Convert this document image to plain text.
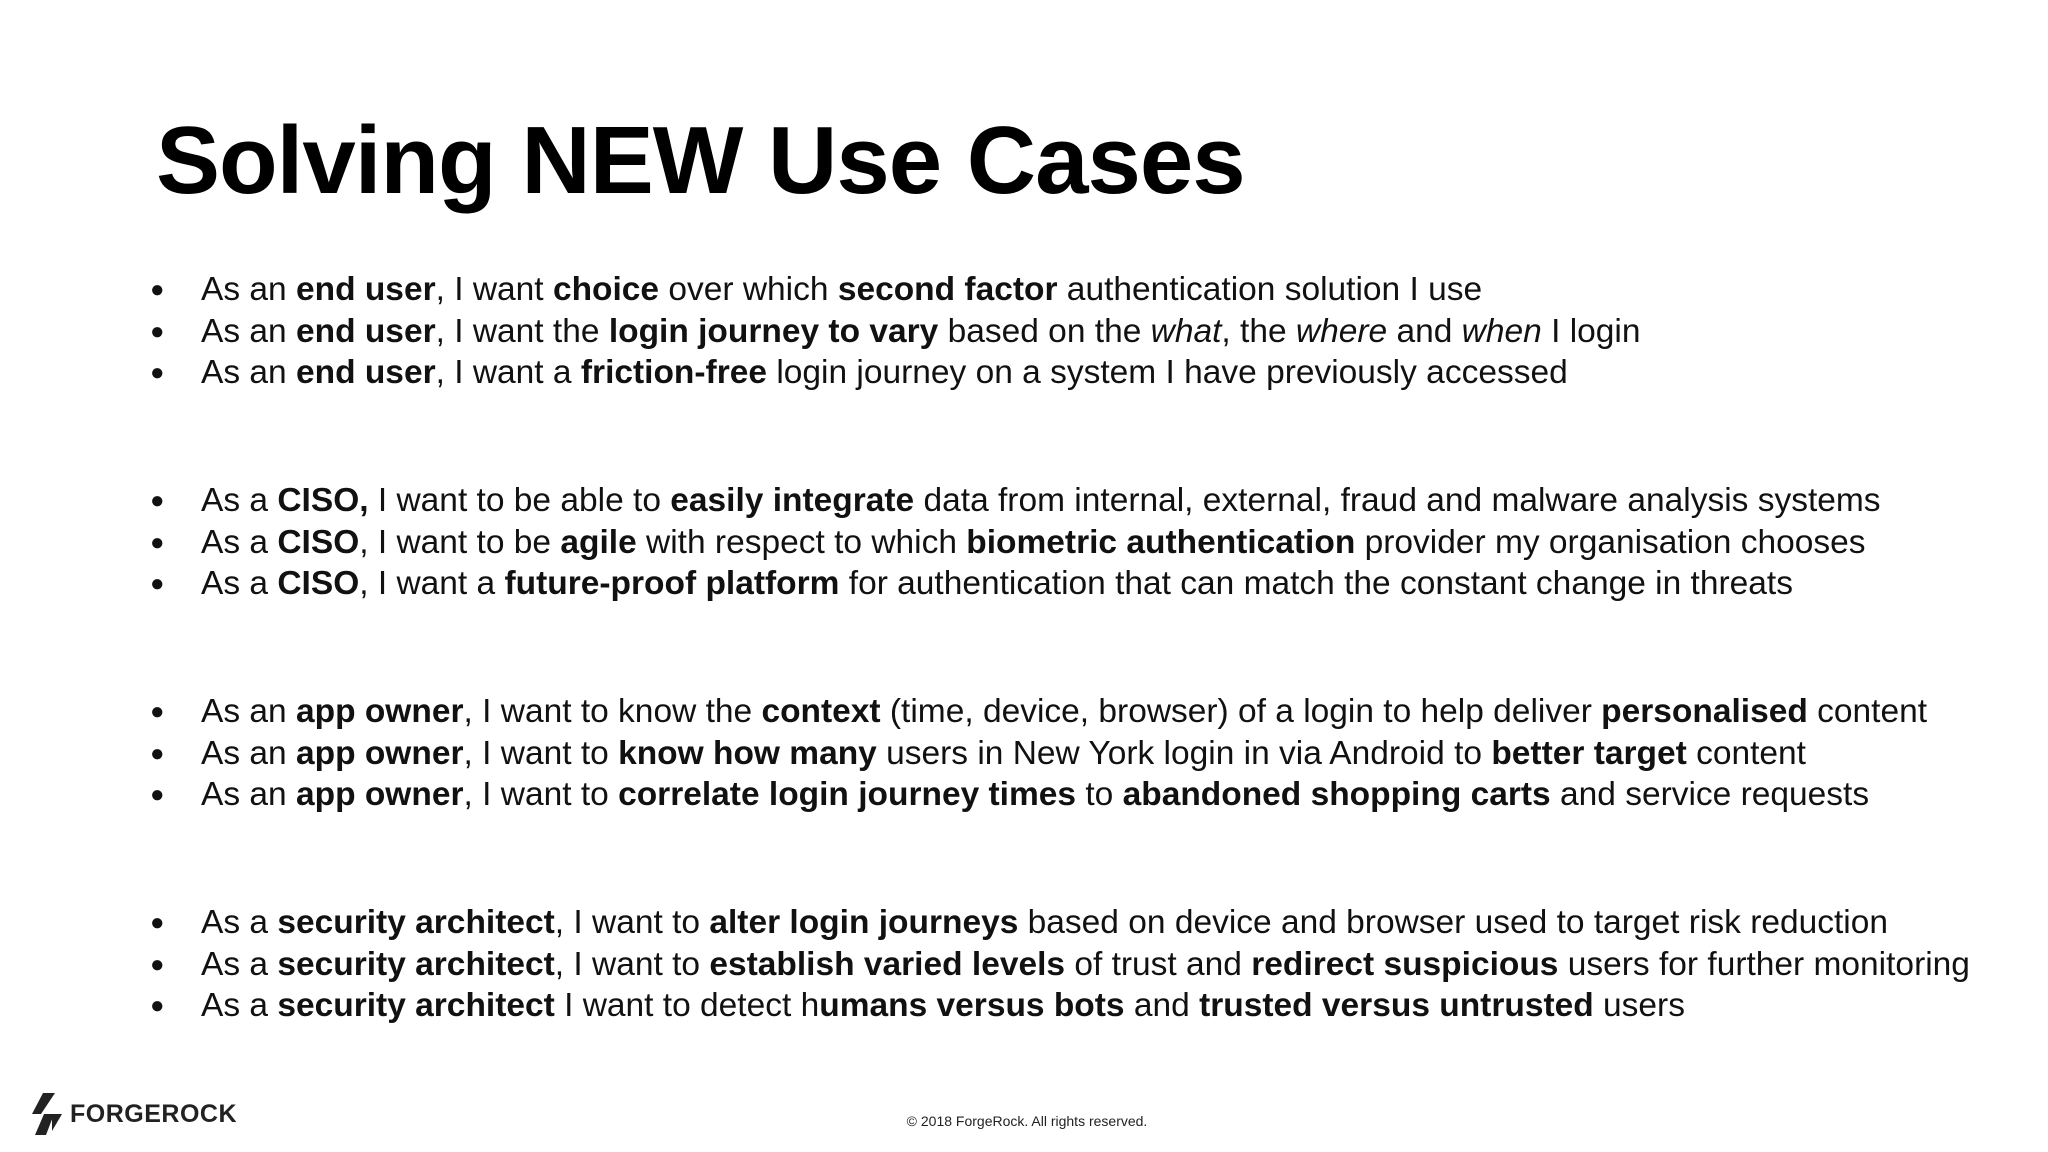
Solving NEW Use Cases
● As an end user, I want choice over which second factor authentication solution I use
● As an end user, I want the login journey to vary based on the what, the where and when I login
● As an end user, I want a friction-free login journey on a system I have previously accessed
● As a CISO, I want to be able to easily integrate data from internal, external, fraud and malware analysis systems
● As a CISO, I want to be agile with respect to which biometric authentication provider my organisation chooses
● As a CISO, I want a future-proof platform for authentication that can match the constant change in threats
● As an app owner, I want to know the context (time, device, browser) of a login to help deliver personalised content
● As an app owner, I want to know how many users in New York login in via Android to better target content
● As an app owner, I want to correlate login journey times to abandoned shopping carts and service requests
● As a security architect, I want to alter login journeys based on device and browser used to target risk reduction
● As a security architect, I want to establish varied levels of trust and redirect suspicious users for further monitoring
● As a security architect I want to detect humans versus bots and trusted versus untrusted users
FORGEROCK	© 2018 ForgeRock. All rights reserved.
